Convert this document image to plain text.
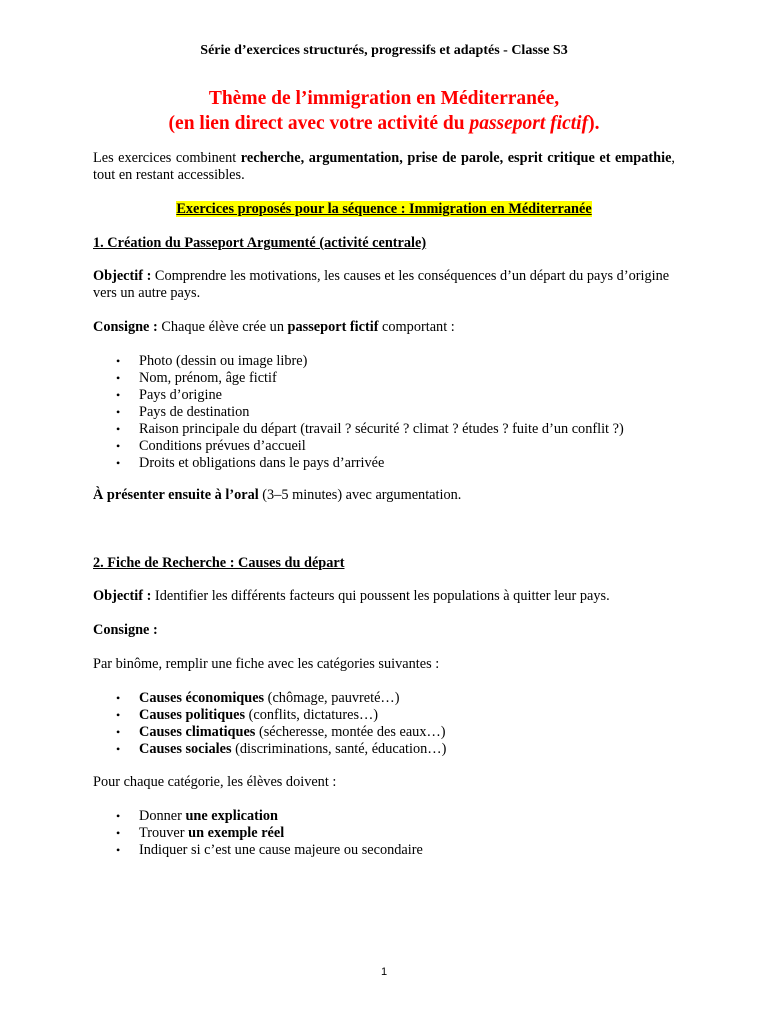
Série d’exercices structurés, progressifs et adaptés - Classe S3
Thème de l’immigration en Méditerranée,
(en lien direct avec votre activité du passeport fictif).
Les exercices combinent recherche, argumentation, prise de parole, esprit critique et empathie, tout en restant accessibles.
Exercices proposés pour la séquence : Immigration en Méditerranée
1. Création du Passeport Argumenté (activité centrale)
Objectif : Comprendre les motivations, les causes et les conséquences d’un départ du pays d’origine vers un autre pays.
Consigne : Chaque élève crée un passeport fictif comportant :
• Photo (dessin ou image libre)
• Nom, prénom, âge fictif
• Pays d’origine
• Pays de destination
• Raison principale du départ (travail ? sécurité ? climat ? études ? fuite d’un conflit ?)
• Conditions prévues d’accueil
• Droits et obligations dans le pays d’arrivée
À présenter ensuite à l’oral (3–5 minutes) avec argumentation.
2. Fiche de Recherche : Causes du départ
Objectif : Identifier les différents facteurs qui poussent les populations à quitter leur pays.
Consigne :
Par binôme, remplir une fiche avec les catégories suivantes :
• Causes économiques (chômage, pauvreté…)
• Causes politiques (conflits, dictatures…)
• Causes climatiques (sécheresse, montée des eaux…)
• Causes sociales (discriminations, santé, éducation…)
Pour chaque catégorie, les élèves doivent :
• Donner une explication
• Trouver un exemple réel
• Indiquer si c’est une cause majeure ou secondaire
1
